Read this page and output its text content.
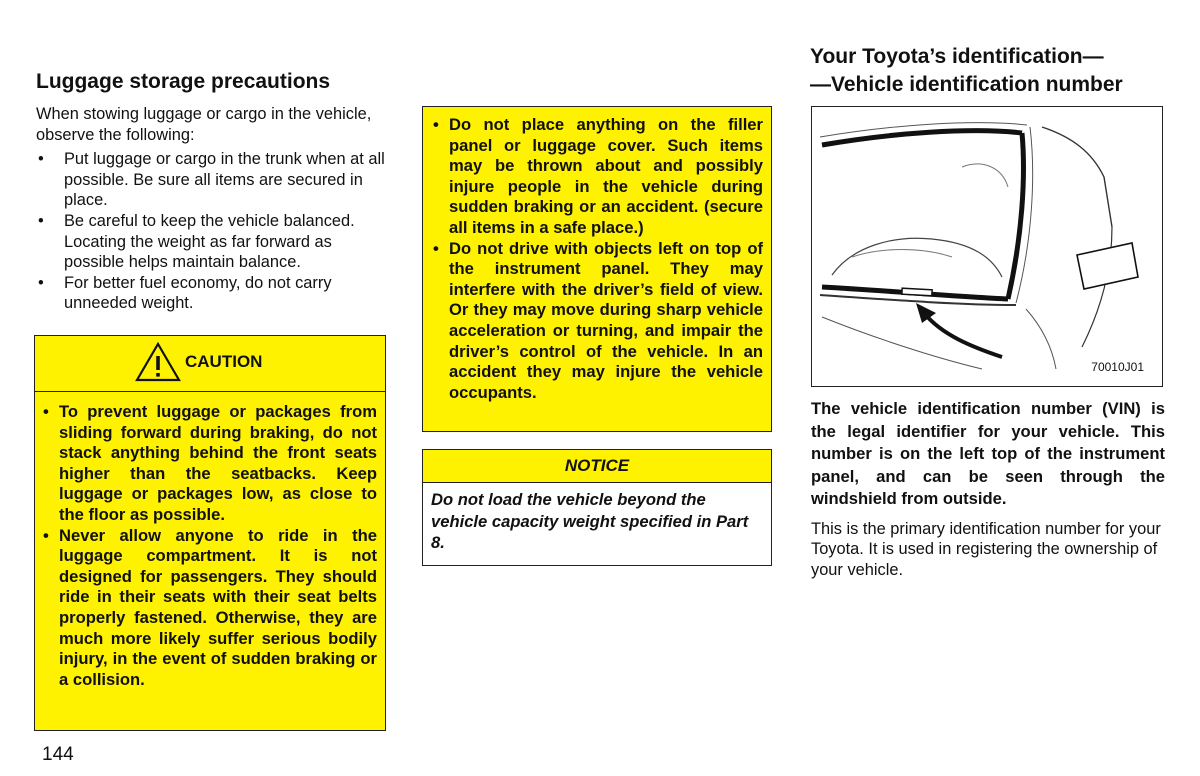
Luggage storage precautions

When stowing luggage or cargo in the vehicle, observe the following:

• Put luggage or cargo in the trunk when at all possible. Be sure all items are secured in place.
• Be careful to keep the vehicle balanced. Locating the weight as far forward as possible helps maintain balance.
• For better fuel economy, do not carry unneeded weight.
CAUTION
• To prevent luggage or packages from sliding forward during braking, do not stack anything behind the front seats higher than the seatbacks. Keep luggage or packages low, as close to the floor as possible.
• Never allow anyone to ride in the luggage compartment. It is not designed for passengers. They should ride in their seats with their seat belts properly fastened. Otherwise, they are much more likely suffer serious bodily injury, in the event of sudden braking or a collision.
144
• Do not place anything on the filler panel or luggage cover. Such items may be thrown about and possibly injure people in the vehicle during sudden braking or an accident. (secure all items in a safe place.)
• Do not drive with objects left on top of the instrument panel. They may interfere with the driver’s field of view. Or they may move during sharp vehicle acceleration or turning, and impair the driver’s control of the vehicle. In an accident they may injure the vehicle occupants.
NOTICE

Do not load the vehicle beyond the vehicle capacity weight specified in Part 8.

Your Toyota’s identification—
—Vehicle identification number
70010J01

The vehicle identification number (VIN) is the legal identifier for your vehicle. This number is on the left top of the instrument panel, and can be seen through the windshield from outside.

This is the primary identification number for your Toyota. It is used in registering the ownership of your vehicle.
